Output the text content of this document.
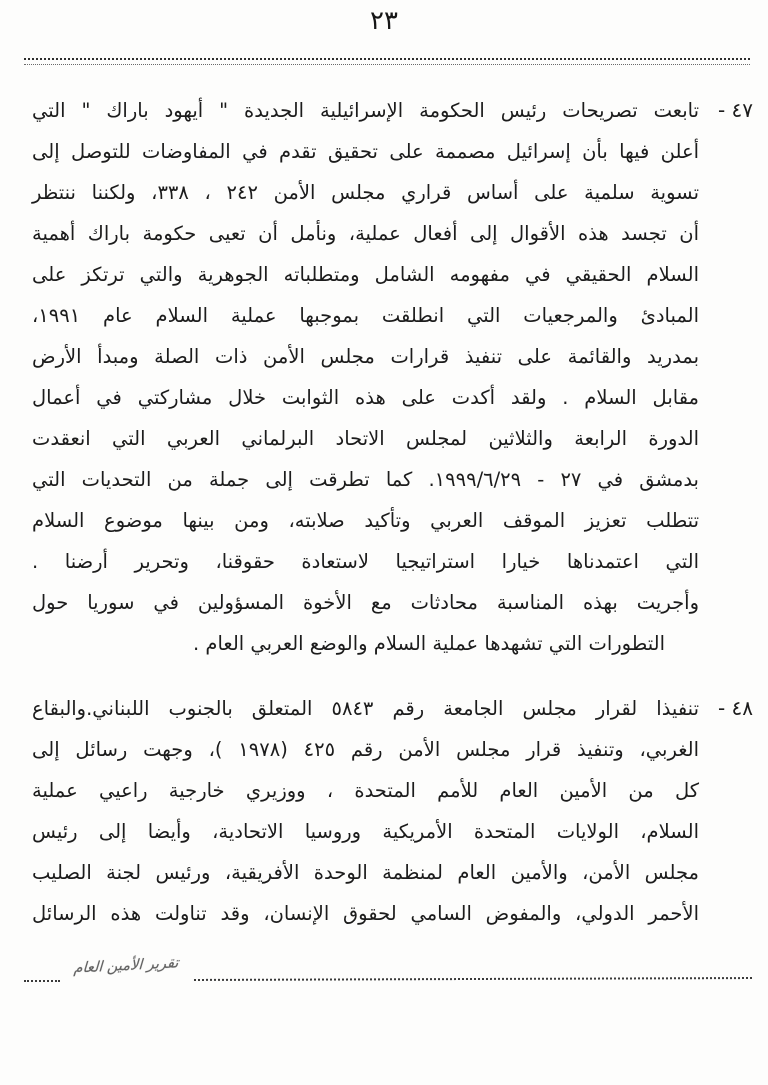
٢٣
٤٧ -
تابعت تصريحات رئيس الحكومة الإسرائيلية الجديدة " أيهود باراك " التي
أعلن فيها بأن إسرائيل مصممة على تحقيق تقدم في المفاوضات للتوصل إلى
تسوية سلمية على أساس قراري مجلس الأمن ٢٤٢ ، ٣٣٨، ولكننا ننتظر
أن تجسد هذه الأقوال إلى أفعال عملية، ونأمل أن تعيى حكومة باراك أهمية
السلام الحقيقي في مفهومه الشامل ومتطلباته الجوهرية والتي ترتكز على
المبادئ والمرجعيات التي انطلقت بموجبها عملية السلام عام ١٩٩١،
بمدريد والقائمة على تنفيذ قرارات مجلس الأمن ذات الصلة ومبدأ الأرض
مقابل السلام . ولقد أكدت على هذه الثوابت خلال مشاركتي في أعمال
الدورة الرابعة والثلاثين لمجلس الاتحاد البرلماني العربي التي انعقدت
بدمشق في ٢٧ - ١٩٩٩/٦/٢٩. كما تطرقت إلى جملة من التحديات التي
تتطلب تعزيز الموقف العربي وتأكيد صلابته، ومن بينها موضوع السلام
التي اعتمدناها خيارا استراتيجيا لاستعادة حقوقنا، وتحرير أرضنا .
وأجريت بهذه المناسبة محادثات مع الأخوة المسؤولين في سوريا حول
التطورات التي تشهدها عملية السلام والوضع العربي العام .
٤٨ -
تنفيذا لقرار مجلس الجامعة رقم ٥٨٤٣ المتعلق بالجنوب اللبناني.والبقاع
الغربي، وتنفيذ قرار مجلس الأمن رقم ٤٢٥ (١٩٧٨ )، وجهت رسائل إلى
كل من الأمين العام للأمم المتحدة ، ووزيري خارجية راعيي عملية
السلام، الولايات المتحدة الأمريكية وروسيا الاتحادية، وأيضا إلى رئيس
مجلس الأمن، والأمين العام لمنظمة الوحدة الأفريقية، ورئيس لجنة الصليب
الأحمر الدولي، والمفوض السامي لحقوق الإنسان، وقد تناولت هذه الرسائل
تقرير الأمين العام
